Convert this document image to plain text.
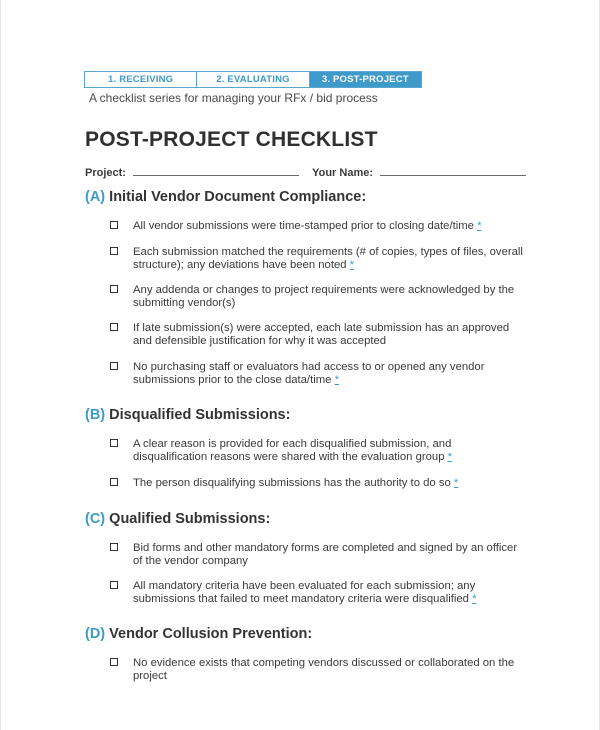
1. RECEIVING	2. EVALUATING	3. POST-PROJECT
A checklist series for managing your RFx / bid process
POST-PROJECT CHECKLIST
Project:	Your Name:
(A) Initial Vendor Document Compliance:
All vendor submissions were time-stamped prior to closing date/time *
Each submission matched the requirements (# of copies, types of files, overall structure); any deviations have been noted *
Any addenda or changes to project requirements were acknowledged by the submitting vendor(s)
If late submission(s) were accepted, each late submission has an approved and defensible justification for why it was accepted
No purchasing staff or evaluators had access to or opened any vendor submissions prior to the close data/time *
(B) Disqualified Submissions:
A clear reason is provided for each disqualified submission, and disqualification reasons were shared with the evaluation group *
The person disqualifying submissions has the authority to do so *
(C) Qualified Submissions:
Bid forms and other mandatory forms are completed and signed by an officer of the vendor company
All mandatory criteria have been evaluated for each submission; any submissions that failed to meet mandatory criteria were disqualified *
(D) Vendor Collusion Prevention:
No evidence exists that competing vendors discussed or collaborated on the project
